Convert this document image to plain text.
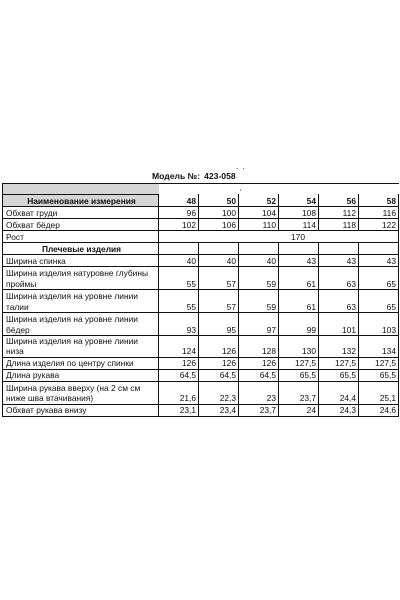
. .
Модель №: 423-058
			,			
Наименование измерения	48	50	52	54	56	58
Обхват груди	96	100	104	108	112	116
Обхват бёдер	102	106	110	114	118	122
Рост	170					
Плечевые изделия						

Ширина спинка	40	40	40	43	43	43

Ширина изделия натуровне глубины
проймы	55	57	59	61	63	65

Ширина изделия на уровне линии
талии	55	57	59	61	63	65

Ширина изделия на уровне линии
бёдер	93	95	97	99	101	103

Ширина изделия на уровне линии низа	124	126	128	130	132	134

Длина изделия по центру спинки	126	126	126	127,5	127,5	127,5

Длина рукава	64,5	64,5	64,5	65,5	65,5	65,5

Ширина рукава вверху (на 2 см см
ниже шва втачивания)	21,6	22,3	23	23,7	24,4	25,1

Обхват рукава внизу	23,1	23,4	23,7	24	24,3	24,6
